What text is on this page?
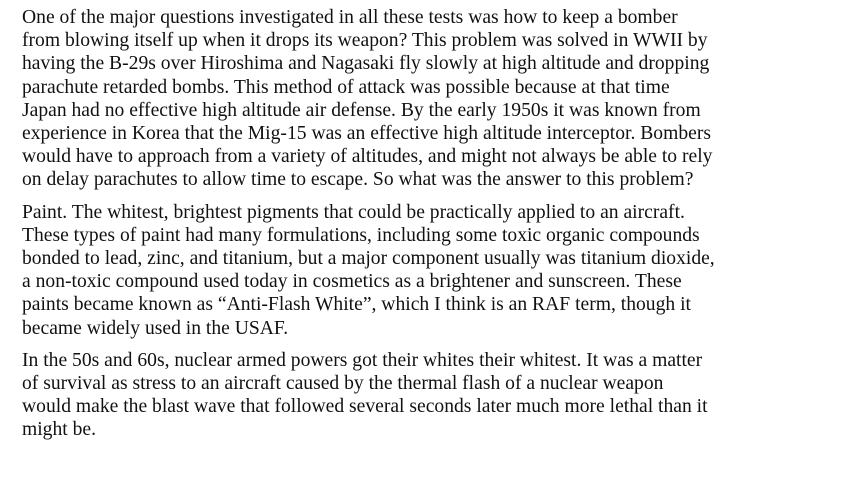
One of the major questions investigated in all these tests was how to keep a bomber
from blowing itself up when it drops its weapon? This problem was solved in WWII by
having the B-29s over Hiroshima and Nagasaki fly slowly at high altitude and dropping
parachute retarded bombs. This method of attack was possible because at that time
Japan had no effective high altitude air defense. By the early 1950s it was known from
experience in Korea that the Mig-15 was an effective high altitude interceptor. Bombers
would have to approach from a variety of altitudes, and might not always be able to rely
on delay parachutes to allow time to escape. So what was the answer to this problem?
Paint. The whitest, brightest pigments that could be practically applied to an aircraft.
These types of paint had many formulations, including some toxic organic compounds
bonded to lead, zinc, and titanium, but a major component usually was titanium dioxide,
a non-toxic compound used today in cosmetics as a brightener and sunscreen. These
paints became known as “Anti-Flash White”, which I think is an RAF term, though it
became widely used in the USAF.
In the 50s and 60s, nuclear armed powers got their whites their whitest. It was a matter
of survival as stress to an aircraft caused by the thermal flash of a nuclear weapon
would make the blast wave that followed several seconds later much more lethal than it
might be.
